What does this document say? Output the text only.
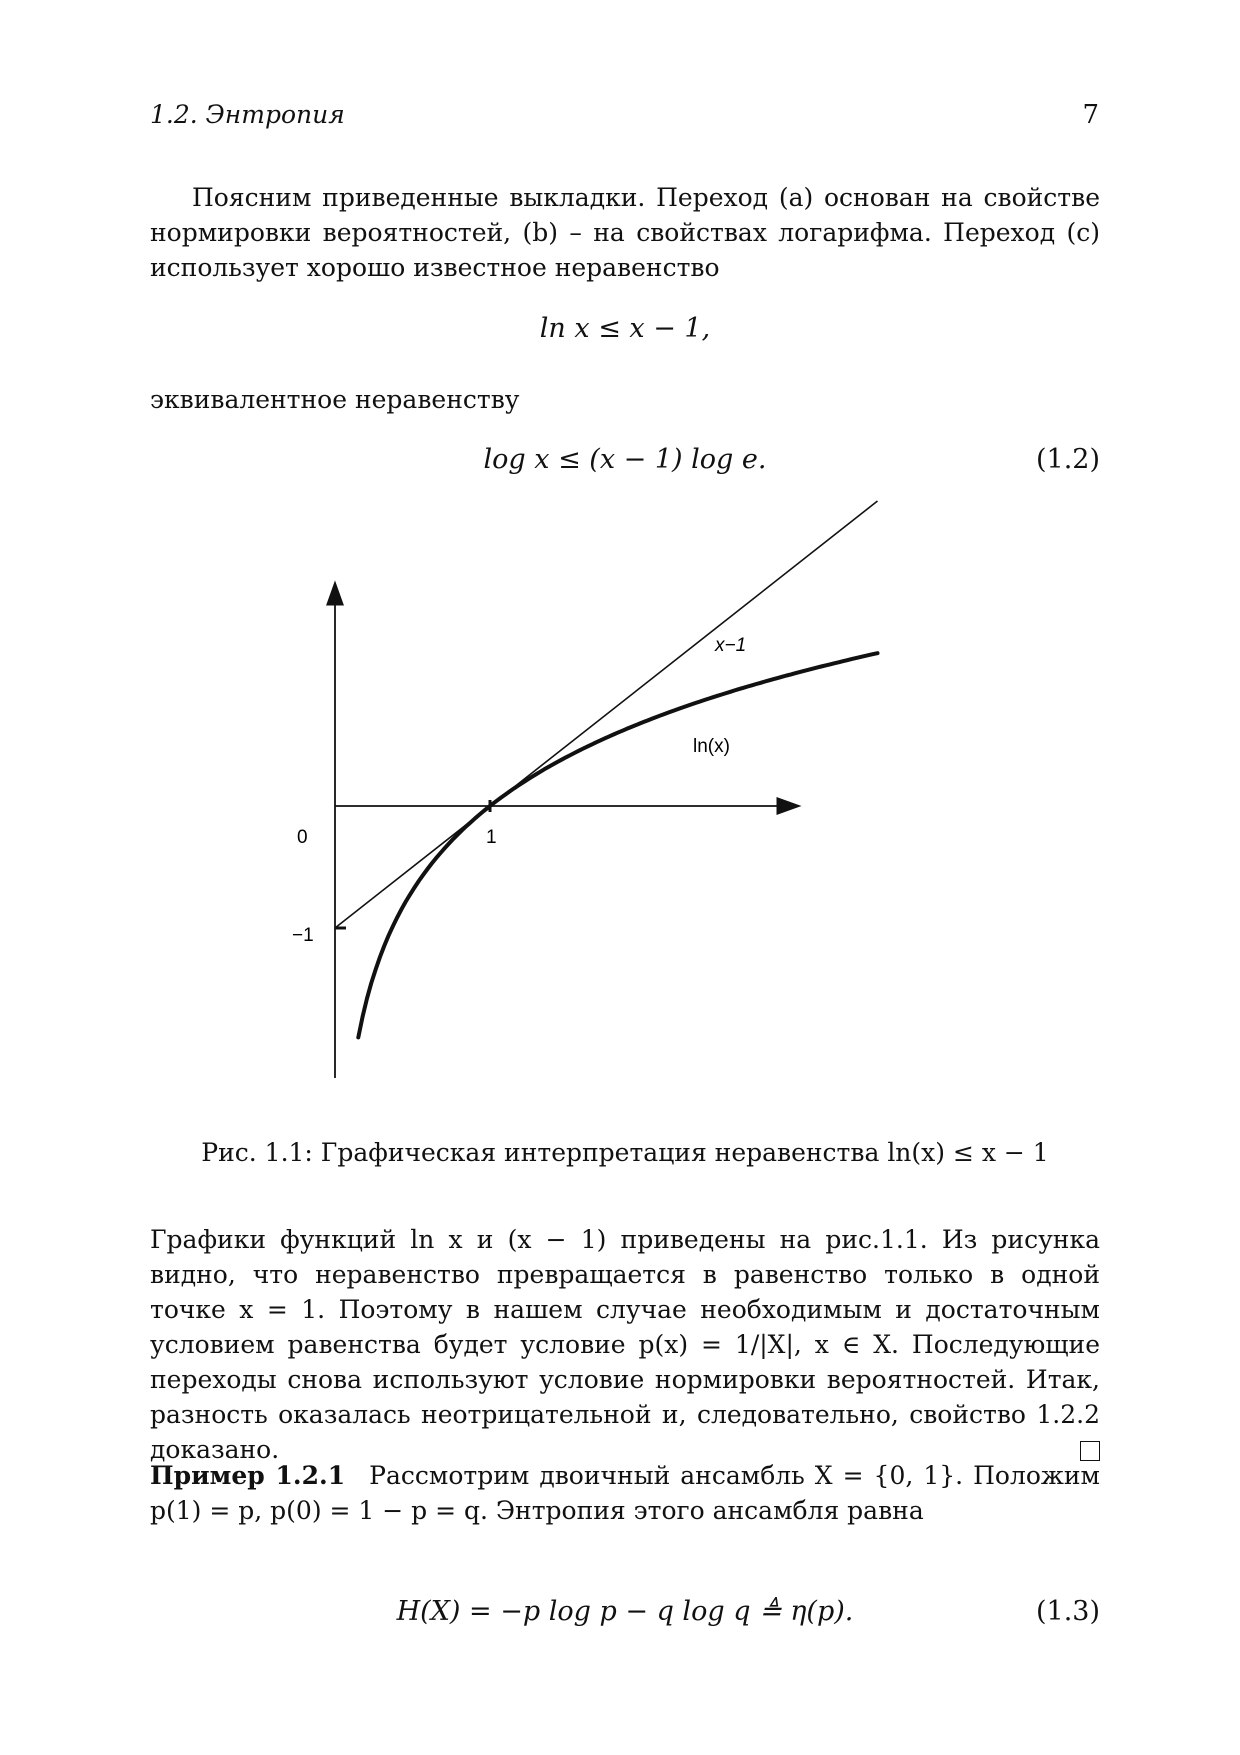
1.2. Энтропия	7
Поясним приведенные выкладки. Переход (a) основан на свойстве нормировки вероятностей, (b) – на свойствах логарифма. Переход (c) использует хорошо известное неравенство
ln x ≤ x − 1,
эквивалентное неравенству
log x ≤ (x − 1) log e.	(1.2)
x−1
ln(x)
0	1
−1
Рис. 1.1: Графическая интерпретация неравенства ln(x) ≤ x − 1
Графики функций ln x и (x − 1) приведены на рис.1.1. Из рисунка видно, что неравенство превращается в равенство только в одной точке x = 1. Поэтому в нашем случае необходимым и достаточным условием равенства будет условие p(x) = 1/|X|, x ∈ X. Последующие переходы снова используют условие нормировки вероятностей. Итак, разность оказалась неотрицательной и, следовательно, свойство 1.2.2 доказано.
Пример 1.2.1 Рассмотрим двоичный ансамбль X = {0, 1}. Положим p(1) = p, p(0) = 1 − p = q. Энтропия этого ансамбля равна
H(X) = −p log p − q log q ≜ η(p).	(1.3)
